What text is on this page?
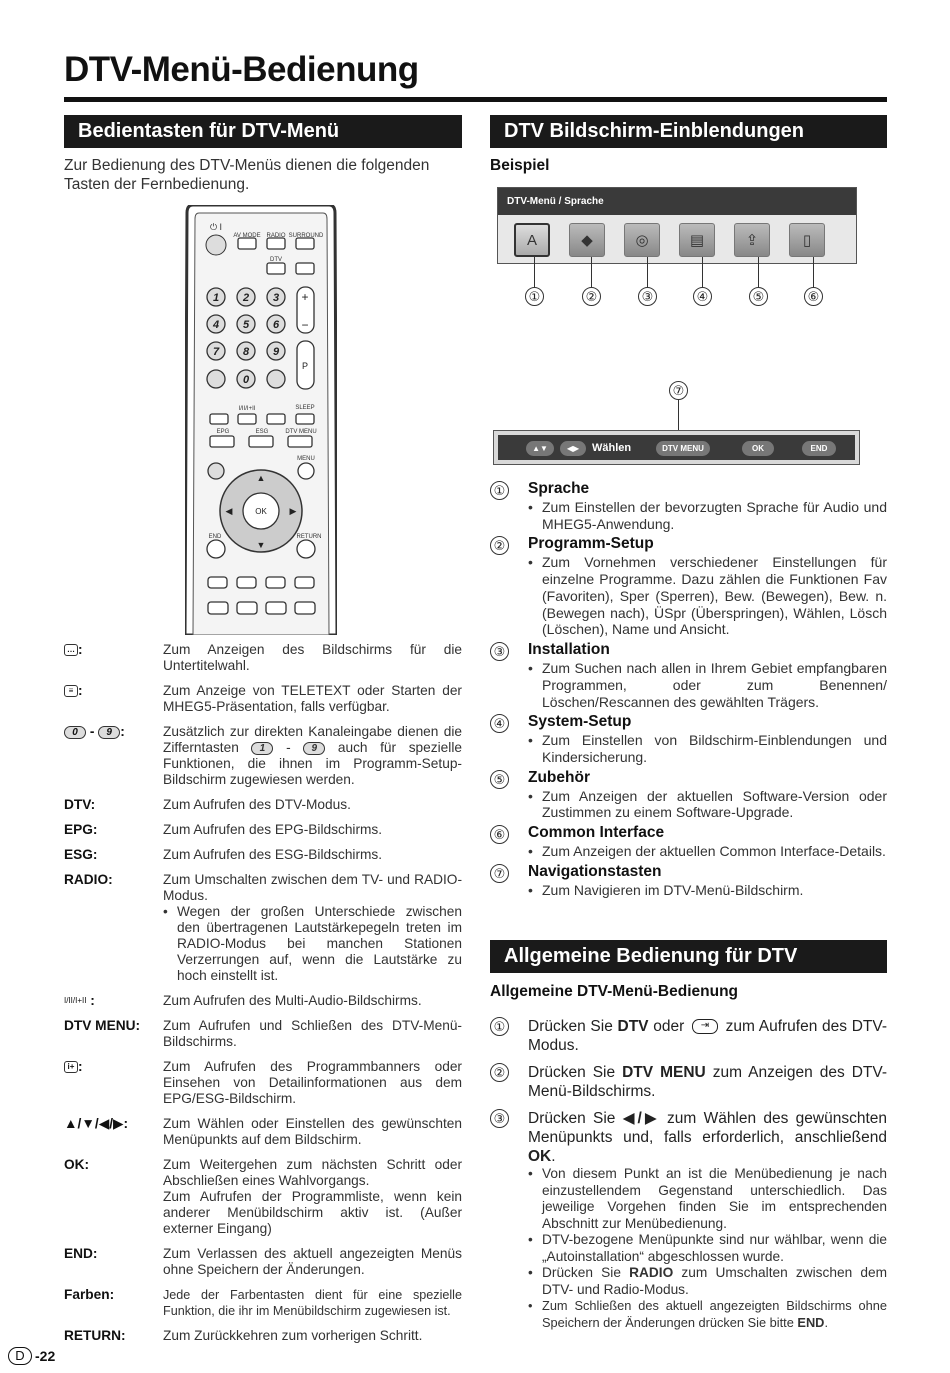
DTV-Menü-Bedienung
Bedientasten für DTV-Menü
Zur Bedienung des DTV-Menüs dienen die folgenden Tasten der Fernbedienung.
⏻ I
AV MODE RADIO SURROUND
DTV
1 2 3
4 5 6
7 8 9
0
+
−
P
I/II/I+II	SLEEP
EPG	ESG	DTV MENU
MENU
OK
▲
▼
◀	▶
END	RETURN
… :	Zum Anzeigen des Bildschirms für die Untertitelwahl.
≡ :	Zum Anzeige von TELETEXT oder Starten der MHEG5-Präsentation, falls verfügbar.
0 - 9 :	Zusätzlich zur direkten Kanaleingabe dienen die Zifferntasten 1 - 9 auch für spezielle Funktionen, die ihnen im Programm-Setup-Bildschirm zugewiesen werden.
DTV:	Zum Aufrufen des DTV-Modus.
EPG:	Zum Aufrufen des EPG-Bildschirms.
ESG:	Zum Aufrufen des ESG-Bildschirms.
RADIO:	Zum Umschalten zwischen dem TV- und RADIO-Modus.
• Wegen der großen Unterschiede zwischen den übertragenen Lautstärkepegeln treten im RADIO-Modus bei manchen Stationen Verzerrungen auf, wenn die Lautstärke zu hoch einstellt ist.
I/II/I+II :	Zum Aufrufen des Multi-Audio-Bildschirms.
DTV MENU:	Zum Aufrufen und Schließen des DTV-Menü-Bildschirms.
i+ :	Zum Aufrufen des Programmbanners oder Einsehen von Detailinformationen aus dem EPG/ESG-Bildschirm.
▲/▼/◀/▶:	Zum Wählen oder Einstellen des gewünschten Menüpunkts auf dem Bildschirm.
OK:	Zum Weitergehen zum nächsten Schritt oder Abschließen eines Wahlvorgangs.
Zum Aufrufen der Programmliste, wenn kein anderer Menübildschirm aktiv ist. (Außer externer Eingang)
END:	Zum Verlassen des aktuell angezeigten Menüs ohne Speichern der Änderungen.
Farben:	Jede der Farbentasten dient für eine spezielle Funktion, die ihr im Menübildschirm zugewiesen ist.
RETURN:	Zum Zurückkehren zum vorherigen Schritt.
DTV Bildschirm-Einblendungen
Beispiel
DTV-Menü / Sprache
A	◆	◎	▤	⇪	▯
①	②	③	④	⑤	⑥
⑦
▲▼	◀▶	Wählen	DTV MENU	OK	END
①	Sprache
• Zum Einstellen der bevorzugten Sprache für Audio und MHEG5-Anwendung.
②	Programm-Setup
• Zum Vornehmen verschiedener Einstellungen für einzelne Programme. Dazu zählen die Funktionen Fav (Favoriten), Sper (Sperren), Bew. (Bewegen), Bew. n. (Bewegen nach), ÜSpr (Überspringen), Wählen, Lösch (Löschen), Name und Ansicht.
③	Installation
• Zum Suchen nach allen in Ihrem Gebiet empfangbaren Programmen, oder zum Benennen/ Löschen/Rescannen des gewählten Trägers.
④	System-Setup
• Zum Einstellen von Bildschirm-Einblendungen und Kindersicherung.
⑤	Zubehör
• Zum Anzeigen der aktuellen Software-Version oder Zustimmen zu einem Software-Upgrade.
⑥	Common Interface
• Zum Anzeigen der aktuellen Common Interface-Details.
⑦	Navigationstasten
• Zum Navigieren im DTV-Menü-Bildschirm.
Allgemeine Bedienung für DTV
Allgemeine DTV-Menü-Bedienung
①	Drücken Sie DTV oder ⇥ zum Aufrufen des DTV-Modus.
②	Drücken Sie DTV MENU zum Anzeigen des DTV-Menü-Bildschirms.
③	Drücken Sie ◀/▶ zum Wählen des gewünschten Menüpunkts und, falls erforderlich, anschließend OK.
• Von diesem Punkt an ist die Menübedienung je nach einzustellendem Gegenstand unterschiedlich. Das jeweilige Vorgehen finden Sie im entsprechenden Abschnitt zur Menübedienung.
• DTV-bezogene Menüpunkte sind nur wählbar, wenn die „Autoinstallation“ abgeschlossen wurde.
• Drücken Sie RADIO zum Umschalten zwischen dem DTV- und Radio-Modus.
• Zum Schließen des aktuell angezeigten Bildschirms ohne Speichern der Änderungen drücken Sie bitte END.
D -22
